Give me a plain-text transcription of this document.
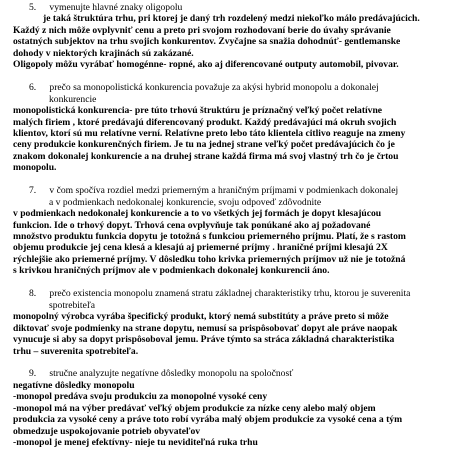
5. vymenujte hlavné znaky oligopolu

je taká štruktúra trhu, pri ktorej je daný trh rozdelený medzi niekoľko málo predávajúcich.

Každý z nich môže ovplyvniť cenu a preto pri svojom rozhodovaní berie do úvahy správanie

ostatných subjektov na trhu svojich konkurentov. Zvyčajne sa snažia dohodnúť- gentlemanske

dohody v niektorých krajinách sú zakázané.

Oligopoly môžu vyrábať homogénne- ropné, ako aj diferencované outputy automobil, pivovar.

6. prečo sa monopolistická konkurencia považuje za akýsi hybrid monopolu a dokonalej
konkurencie

monopolistická konkurencia- pre túto trhovú štruktúru je príznačný veľký počet relatívne

malých firiem , ktoré predávajú diferencovaný produkt. Každý predávajúci má okruh svojich

klientov, ktorí sú mu relatívne verní. Relatívne preto lebo táto klientela citlivo reaguje na zmeny

ceny produkcie konkurenčných firiem. Je tu na jednej strane veľký počet predávajúcich čo je

znakom dokonalej konkurencie a na druhej strane každá firma má svoj vlastný trh čo je črtou

monopolu.

7. v čom spočíva rozdiel medzi priemerným a hraničným príjmami v podmienkach dokonalej
a v podmienkach nedokonalej konkurencie, svoju odpoveď zdôvodnite

v podmienkach nedokonalej konkurencie a to vo všetkých jej formách je dopyt klesajúcou

funkcion. Ide o trhový dopyt. Trhová cena ovplyvňuje tak ponúkané ako aj požadované

množstvo produktu funkcia dopytu je totožná s funkciou priemerného príjmu. Platí, že s rastom

objemu produkcie jej cena klesá a klesajú aj priemerné príjmy . hraničné príjmi klesajú 2X

rýchlejšie ako priemerné príjmy. V dôsledku toho krivka priemerných príjmov už nie je totožná

s krivkou hraničných príjmov ale v podmienkach dokonalej konkurencii áno.

8. prečo existencia monopolu znamená stratu základnej charakteristiky trhu, ktorou je suverenita
spotrebiteľa

monopolný výrobca vyrába špecifický produkt, ktorý nemá substitúty a práve preto si môže

diktovať svoje podmienky na strane dopytu, nemusí sa prispôsobovať dopyt ale práve naopak

vynucuje si aby sa dopyt prispôsoboval jemu. Práve týmto sa stráca základná charakteristika

trhu – suverenita spotrebiteľa.

9. stručne analyzujte negatívne dôsledky monopolu na spoločnosť

negatívne dôsledky monopolu

-monopol predáva svoju produkciu za monopolné vysoké ceny

-monopol má na výber predávať veľký objem produkcie za nízke ceny alebo malý objem

produkcia za vysoké ceny a práve toto robí vyrába malý objem produkcie za vysoké cena a tým

obmedzuje uspokojovanie potrieb obyvateľov

-monopol je menej efektívny- nieje tu neviditeľná ruka trhu
